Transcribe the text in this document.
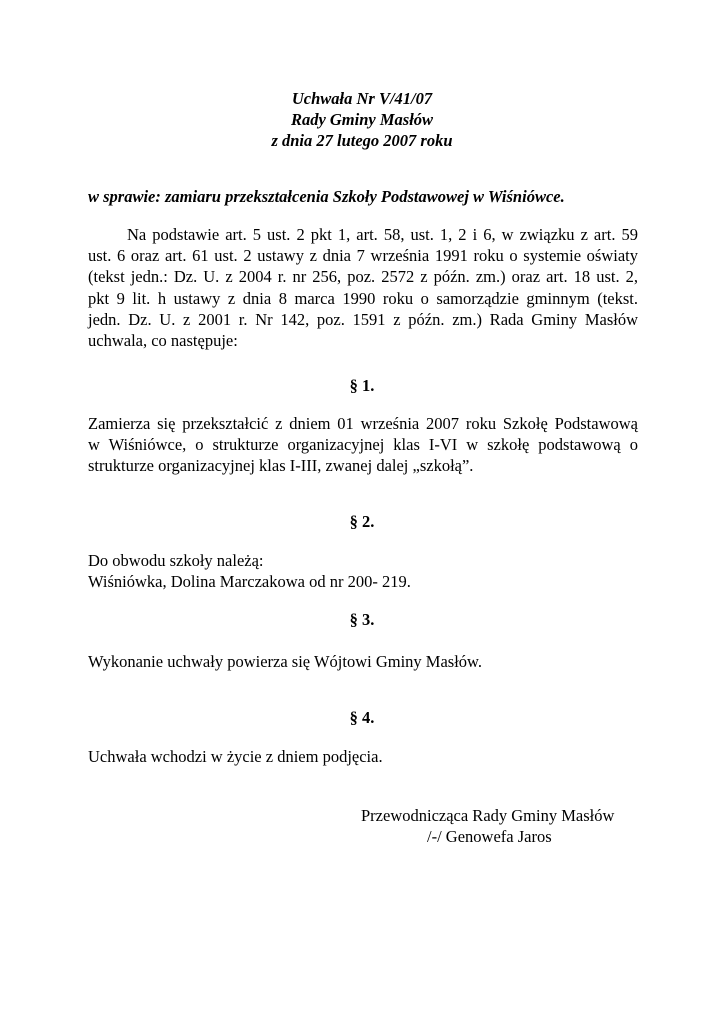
Uchwała Nr V/41/07
Rady Gminy Masłów
z dnia 27 lutego 2007 roku
w sprawie: zamiaru przekształcenia Szkoły Podstawowej w Wiśniówce.
Na podstawie art. 5 ust. 2 pkt 1, art. 58, ust. 1, 2 i 6, w związku z art. 59
ust. 6 oraz art. 61 ust. 2 ustawy z dnia 7 września 1991 roku o systemie oświaty
(tekst jedn.: Dz. U. z 2004 r. nr 256, poz. 2572 z późn. zm.) oraz art. 18 ust. 2,
pkt 9 lit. h ustawy z dnia 8 marca 1990 roku o samorządzie gminnym (tekst.
jedn. Dz. U. z 2001 r. Nr 142, poz. 1591 z późn. zm.) Rada Gminy Masłów
uchwala, co następuje:
§ 1.
Zamierza się przekształcić z dniem 01 września 2007 roku Szkołę Podstawową
w Wiśniówce, o strukturze organizacyjnej klas I-VI w szkołę podstawową o
strukturze organizacyjnej klas I-III, zwanej dalej „szkołą”.
§ 2.
Do obwodu szkoły należą:
Wiśniówka, Dolina Marczakowa od nr 200- 219.
§ 3.
Wykonanie uchwały powierza się Wójtowi Gminy Masłów.
§ 4.
Uchwała wchodzi w życie z dniem podjęcia.
Przewodnicząca Rady Gminy Masłów
/-/ Genowefa Jaros
